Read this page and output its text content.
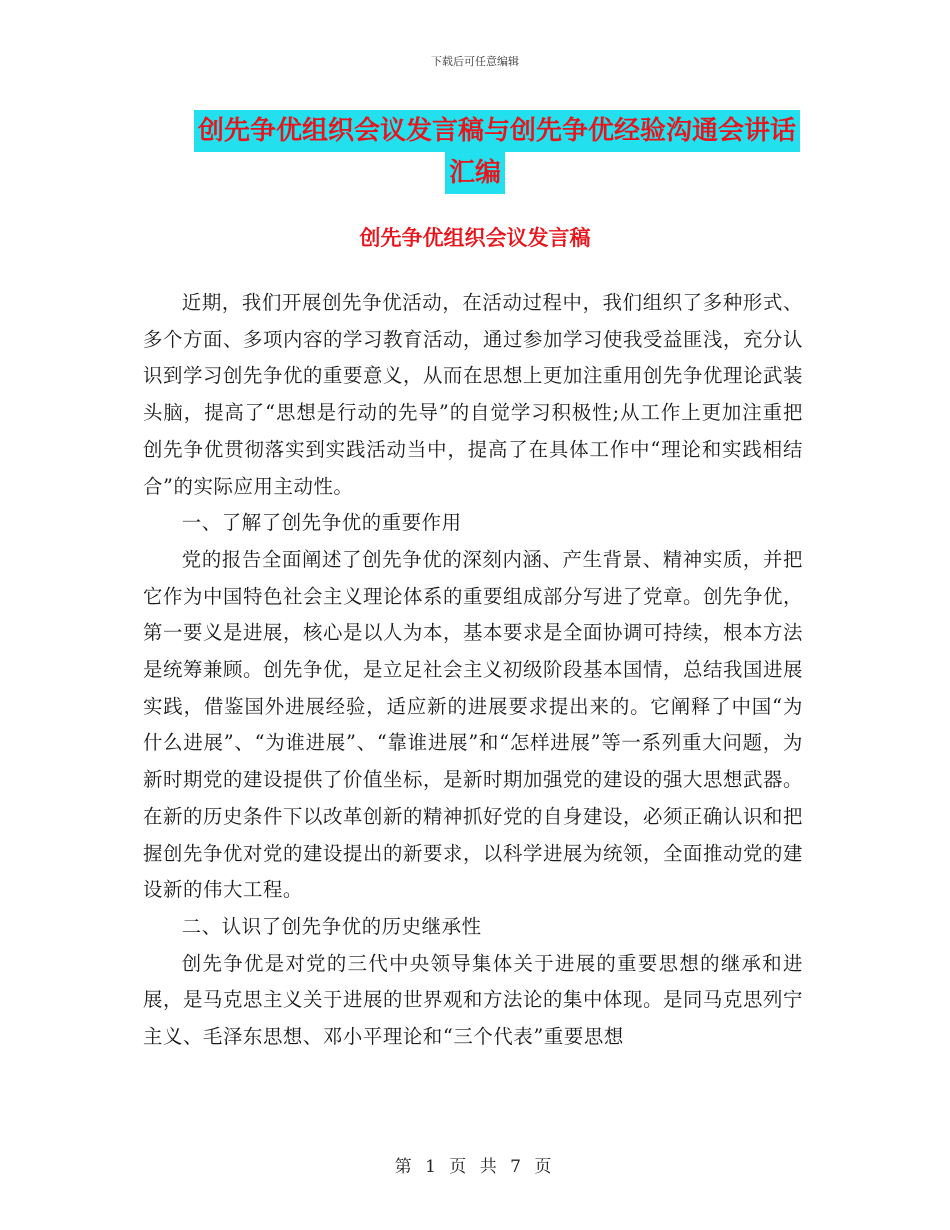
下载后可任意编辑
创先争优组织会议发言稿与创先争优经验沟通会讲话
汇编
创先争优组织会议发言稿

近期，我们开展创先争优活动，在活动过程中，我们组织了多种形式、多个方面、多项内容的学习教育活动，通过参加学习使我受益匪浅，充分认识到学习创先争优的重要意义，从而在思想上更加注重用创先争优理论武装头脑，提高了“思想是行动的先导”的自觉学习积极性;从工作上更加注重把创先争优贯彻落实到实践活动当中，提高了在具体工作中“理论和实践相结合”的实际应用主动性。

一、了解了创先争优的重要作用

党的报告全面阐述了创先争优的深刻内涵、产生背景、精神实质，并把它作为中国特色社会主义理论体系的重要组成部分写进了党章。创先争优，第一要义是进展，核心是以人为本，基本要求是全面协调可持续，根本方法是统筹兼顾。创先争优，是立足社会主义初级阶段基本国情，总结我国进展实践，借鉴国外进展经验，适应新的进展要求提出来的。它阐释了中国“为什么进展”、“为谁进展”、“靠谁进展”和“怎样进展”等一系列重大问题，为新时期党的建设提供了价值坐标，是新时期加强党的建设的强大思想武器。在新的历史条件下以改革创新的精神抓好党的自身建设，必须正确认识和把握创先争优对党的建设提出的新要求，以科学进展为统领，全面推动党的建设新的伟大工程。

二、认识了创先争优的历史继承性

创先争优是对党的三代中央领导集体关于进展的重要思想的继承和进展，是马克思主义关于进展的世界观和方法论的集中体现。是同马克思列宁主义、毛泽东思想、邓小平理论和“三个代表”重要思想

第 1 页 共 7 页
